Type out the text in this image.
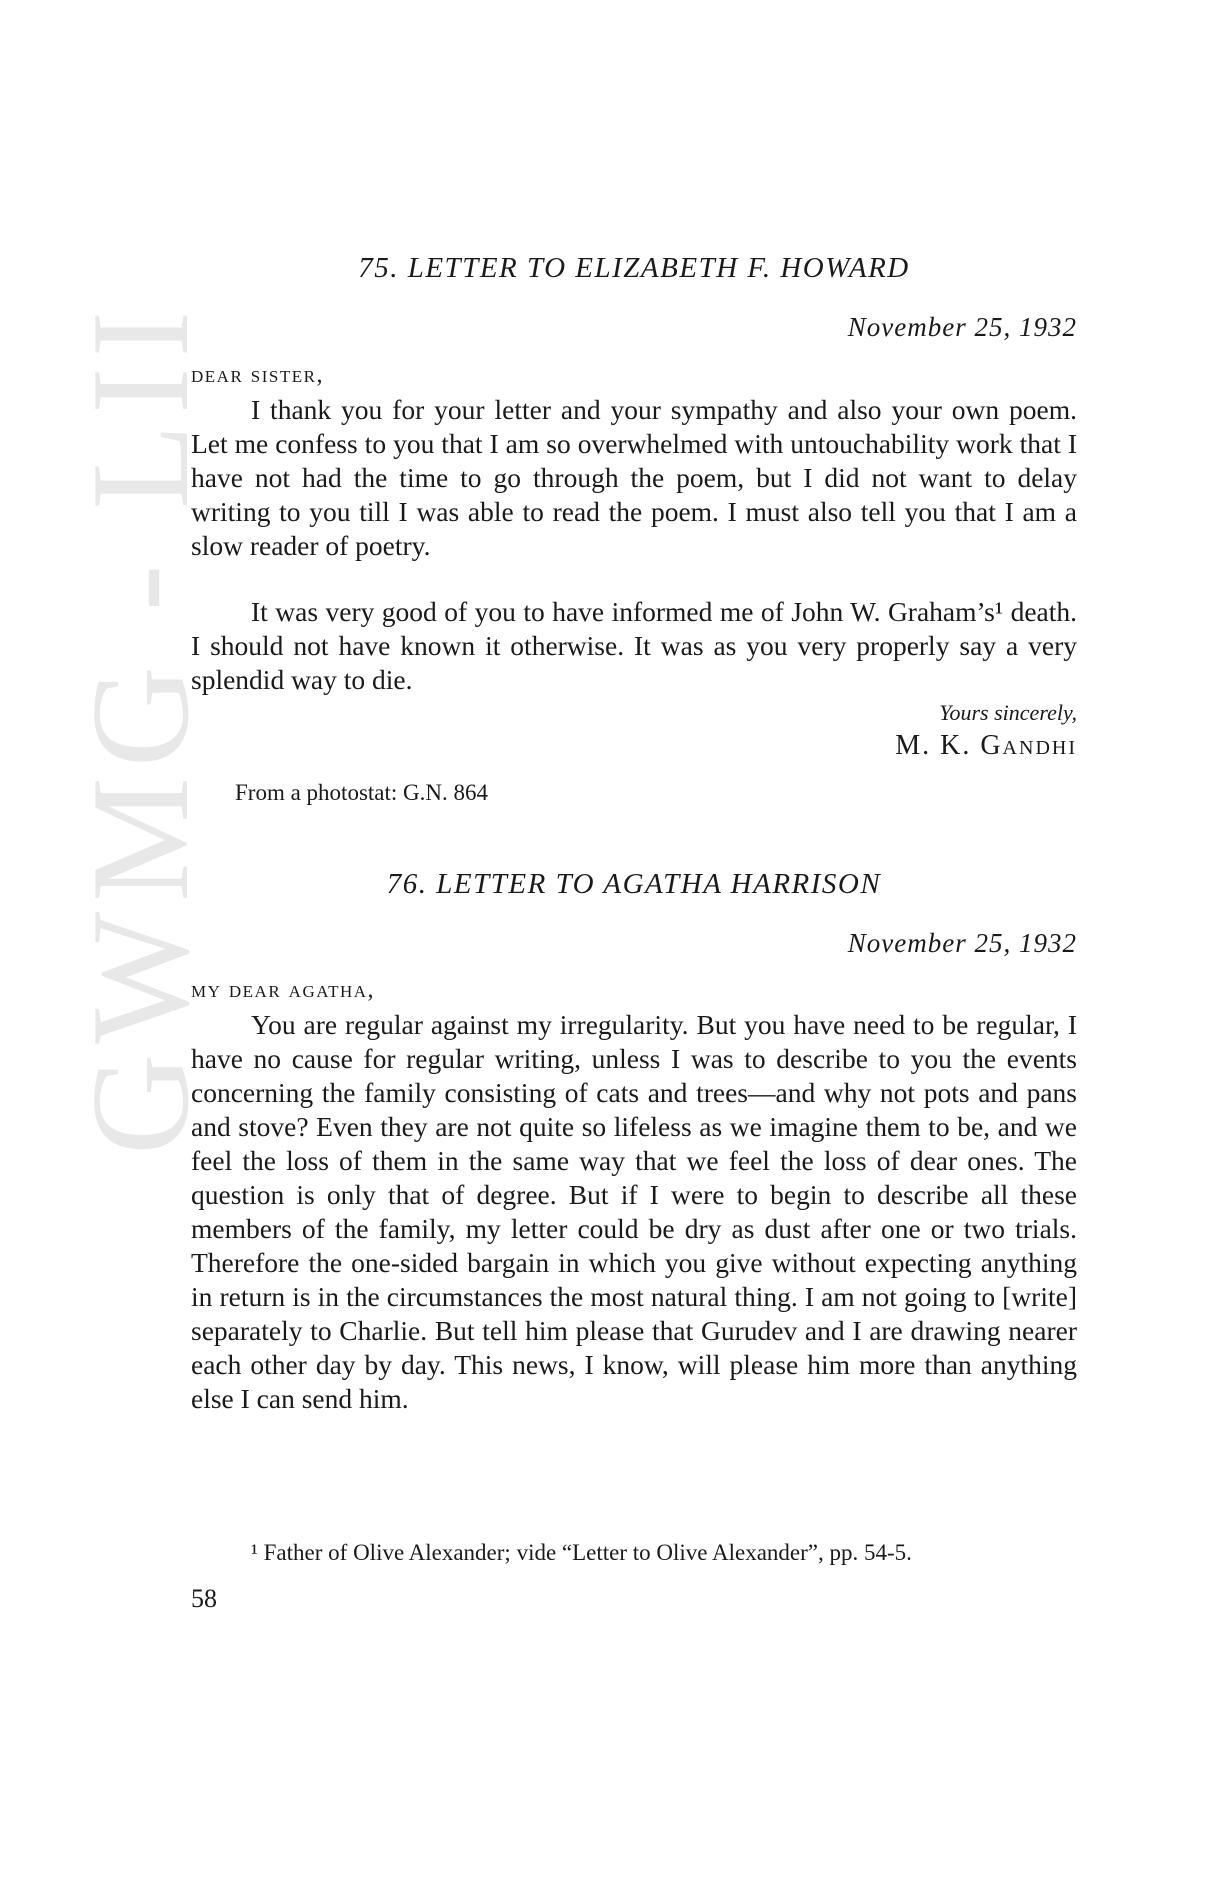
GWMG - LII
75. LETTER TO ELIZABETH F. HOWARD
November 25, 1932
dear sister,

I thank you for your letter and your sympathy and also your own poem. Let me confess to you that I am so overwhelmed with untouchability work that I have not had the time to go through the poem, but I did not want to delay writing to you till I was able to read the poem. I must also tell you that I am a slow reader of poetry.

It was very good of you to have informed me of John W. Graham’s¹ death. I should not have known it otherwise. It was as you very properly say a very splendid way to die.

Yours sincerely,
M. K. Gandhi
From a photostat: G.N. 864
76. LETTER TO AGATHA HARRISON
November 25, 1932
my dear agatha,

You are regular against my irregularity. But you have need to be regular, I have no cause for regular writing, unless I was to describe to you the events concerning the family consisting of cats and trees—and why not pots and pans and stove? Even they are not quite so lifeless as we imagine them to be, and we feel the loss of them in the same way that we feel the loss of dear ones. The question is only that of degree. But if I were to begin to describe all these members of the family, my letter could be dry as dust after one or two trials. Therefore the one-sided bargain in which you give without expecting anything in return is in the circumstances the most natural thing. I am not going to [write] separately to Charlie. But tell him please that Gurudev and I are drawing nearer each other day by day. This news, I know, will please him more than anything else I can send him.

¹ Father of Olive Alexander; vide “Letter to Olive Alexander”, pp. 54-5.
58
